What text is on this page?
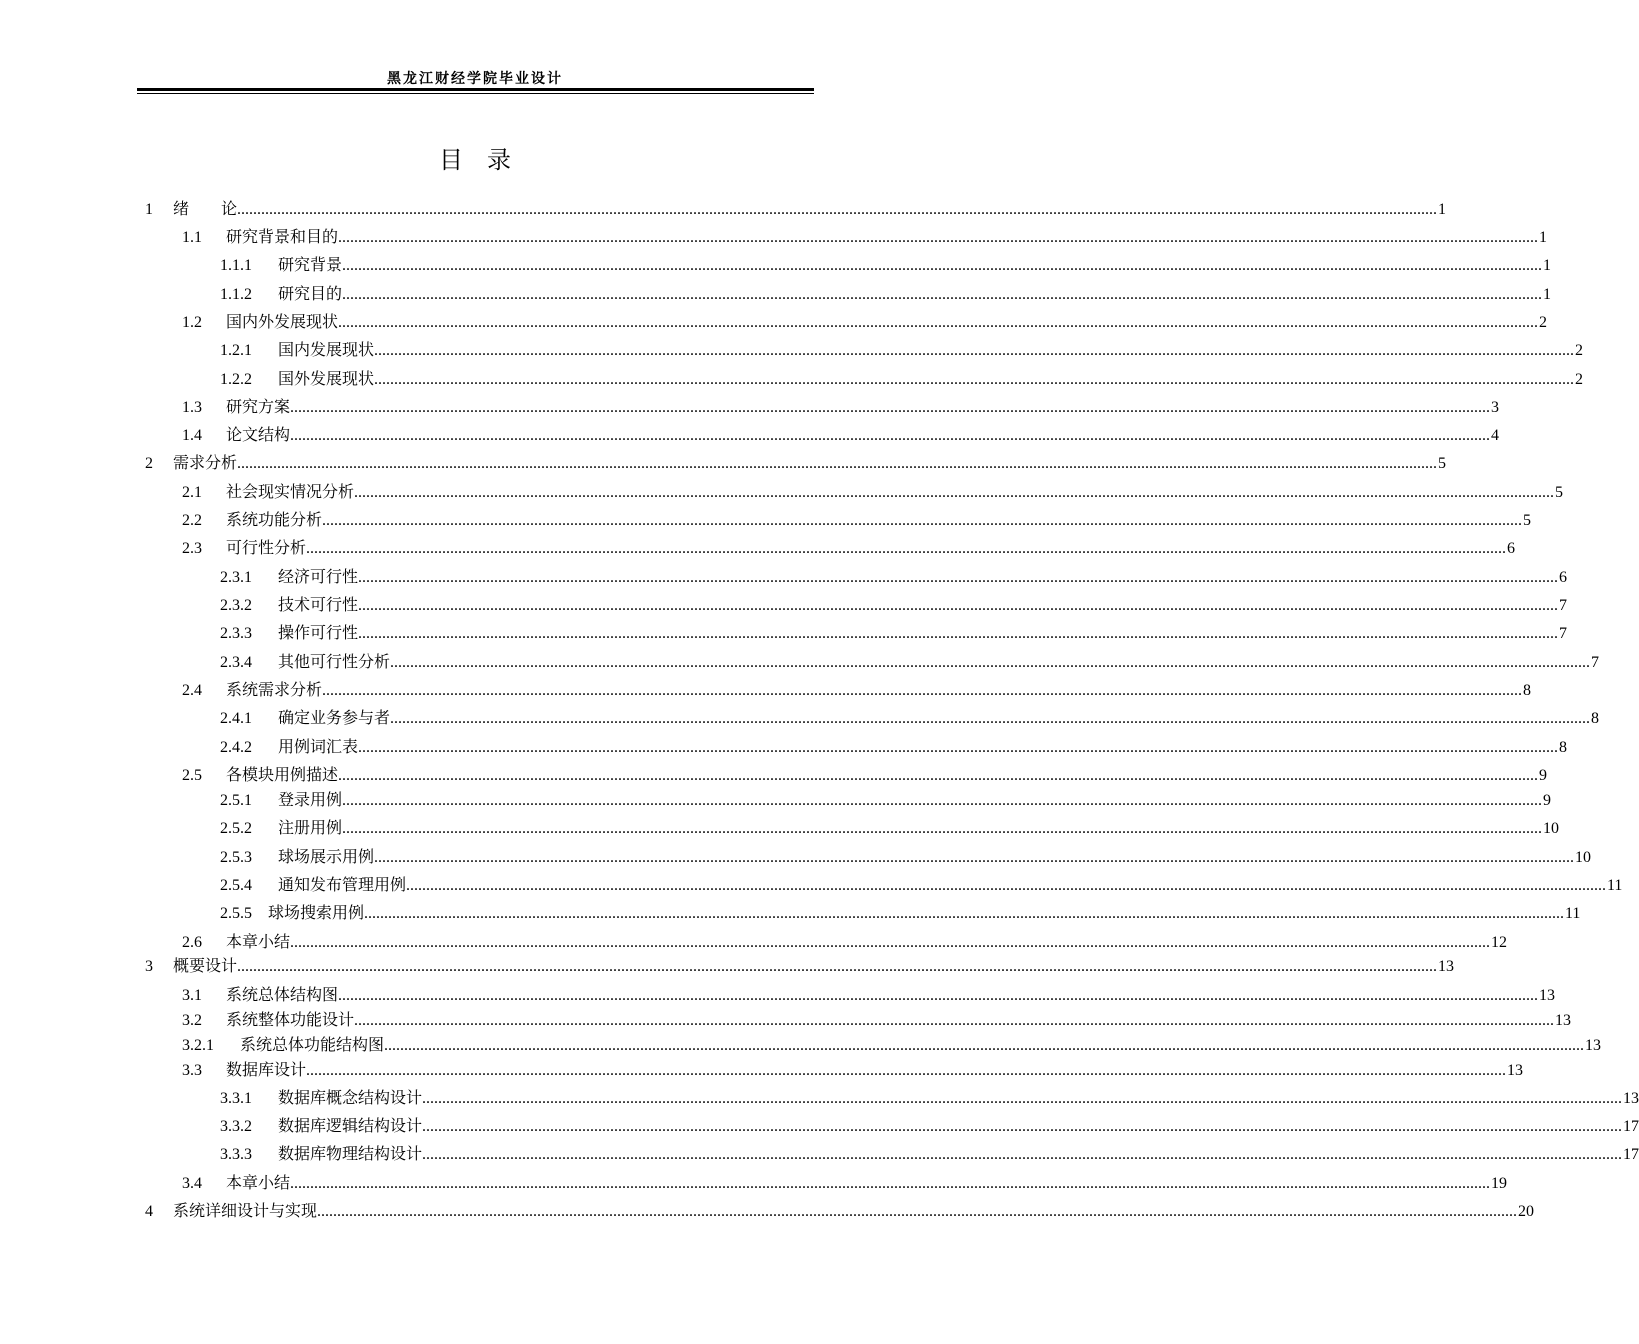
黑龙江财经学院毕业设计
目　录
1 绪　　论 ............................................................................................................................................................................................................................................................................................................ 1
1.1 研究背景和目的 ............................................................................................................................................................................................................................................................................................................ 1
1.1.1 研究背景 ............................................................................................................................................................................................................................................................................................................ 1
1.1.2 研究目的 ............................................................................................................................................................................................................................................................................................................ 1
1.2 国内外发展现状 ............................................................................................................................................................................................................................................................................................................ 2
1.2.1 国内发展现状 ............................................................................................................................................................................................................................................................................................................ 2
1.2.2 国外发展现状 ............................................................................................................................................................................................................................................................................................................ 2
1.3 研究方案 ............................................................................................................................................................................................................................................................................................................ 3
1.4 论文结构 ............................................................................................................................................................................................................................................................................................................ 4
2 需求分析 ............................................................................................................................................................................................................................................................................................................ 5
2.1 社会现实情况分析 ............................................................................................................................................................................................................................................................................................................ 5
2.2 系统功能分析 ............................................................................................................................................................................................................................................................................................................ 5
2.3 可行性分析 ............................................................................................................................................................................................................................................................................................................ 6
2.3.1 经济可行性 ............................................................................................................................................................................................................................................................................................................ 6
2.3.2 技术可行性 ............................................................................................................................................................................................................................................................................................................ 7
2.3.3 操作可行性 ............................................................................................................................................................................................................................................................................................................ 7
2.3.4 其他可行性分析 ............................................................................................................................................................................................................................................................................................................ 7
2.4 系统需求分析 ............................................................................................................................................................................................................................................................................................................ 8
2.4.1 确定业务参与者 ............................................................................................................................................................................................................................................................................................................ 8
2.4.2 用例词汇表 ............................................................................................................................................................................................................................................................................................................ 8
2.5 各模块用例描述 ............................................................................................................................................................................................................................................................................................................ 9
2.5.1 登录用例 ............................................................................................................................................................................................................................................................................................................ 9
2.5.2 注册用例 ............................................................................................................................................................................................................................................................................................................ 10
2.5.3 球场展示用例 ............................................................................................................................................................................................................................................................................................................ 10
2.5.4 通知发布管理用例 ............................................................................................................................................................................................................................................................................................................ 11
2.5.5 球场搜索用例 ............................................................................................................................................................................................................................................................................................................ 11
2.6 本章小结 ............................................................................................................................................................................................................................................................................................................ 12
3 概要设计 ............................................................................................................................................................................................................................................................................................................ 13
3.1 系统总体结构图 ............................................................................................................................................................................................................................................................................................................ 13
3.2 系统整体功能设计 ............................................................................................................................................................................................................................................................................................................ 13
3.2.1 系统总体功能结构图 ............................................................................................................................................................................................................................................................................................................ 13
3.3 数据库设计 ............................................................................................................................................................................................................................................................................................................ 13
3.3.1 数据库概念结构设计 ............................................................................................................................................................................................................................................................................................................ 13
3.3.2 数据库逻辑结构设计 ............................................................................................................................................................................................................................................................................................................ 17
3.3.3 数据库物理结构设计 ............................................................................................................................................................................................................................................................................................................ 17
3.4 本章小结 ............................................................................................................................................................................................................................................................................................................ 19
4 系统详细设计与实现 ............................................................................................................................................................................................................................................................................................................ 20
